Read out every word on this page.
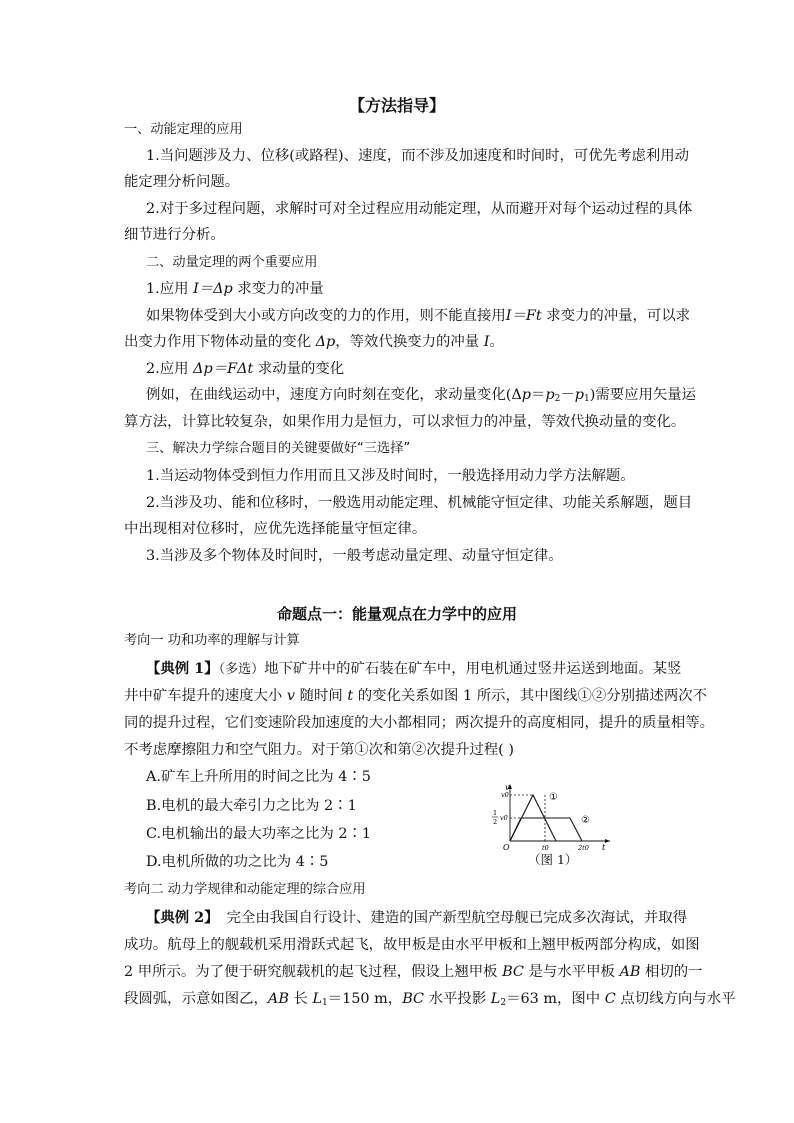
【方法指导】
一、动能定理的应用
1.当问题涉及力、位移(或路程)、速度，而不涉及加速度和时间时，可优先考虑利用动
能定理分析问题。
2.对于多过程问题，求解时可对全过程应用动能定理，从而避开对每个运动过程的具体
细节进行分析。
二、动量定理的两个重要应用
1.应用 I＝Δp 求变力的冲量
如果物体受到大小或方向改变的力的作用，则不能直接用I＝Ft 求变力的冲量，可以求
出变力作用下物体动量的变化 Δp，等效代换变力的冲量 I。
2.应用 Δp＝FΔt 求动量的变化
例如，在曲线运动中，速度方向时刻在变化，求动量变化$(\Delta p=p_2-p_1)$需要应用矢量运
算方法，计算比较复杂，如果作用力是恒力，可以求恒力的冲量，等效代换动量的变化。
三、解决力学综合题目的关键要做好“三选择”
1.当运动物体受到恒力作用而且又涉及时间时，一般选择用动力学方法解题。
2.当涉及功、能和位移时，一般选用动能定理、机械能守恒定律、功能关系解题，题目
中出现相对位移时，应优先选择能量守恒定律。
3.当涉及多个物体及时间时，一般考虑动量定理、动量守恒定律。
命题点一：能量观点在力学中的应用
考向一 功和功率的理解与计算
【典例 1】（多选）地下矿井中的矿石装在矿车中，用电机通过竖井运送到地面。某竖
井中矿车提升的速度大小 v 随时间 t 的变化关系如图 1 所示，其中图线①②分别描述两次不
同的提升过程，它们变速阶段加速度的大小都相同；两次提升的高度相同，提升的质量相等。
不考虑摩擦阻力和空气阻力。对于第①次和第②次提升过程( )
A.矿车上升所用的时间之比为 4∶5
B.电机的最大牵引力之比为 2∶1
C.电机输出的最大功率之比为 2∶1
D.电机所做的功之比为 4∶5
v
v0
1
2 v0
O	t0	2t0 t
①
②
（图 1）
考向二 动力学规律和动能定理的综合应用
【典例 2】 完全由我国自行设计、建造的国产新型航空母舰已完成多次海试，并取得
成功。航母上的舰载机采用滑跃式起飞，故甲板是由水平甲板和上翘甲板两部分构成，如图
2 甲所示。为了便于研究舰载机的起飞过程，假设上翘甲板 BC 是与水平甲板 AB 相切的一
段圆弧，示意如图乙，AB 长 $L_1=150$ m，BC 水平投影 $L_2=63$ m，图中 C 点切线方向与水平
